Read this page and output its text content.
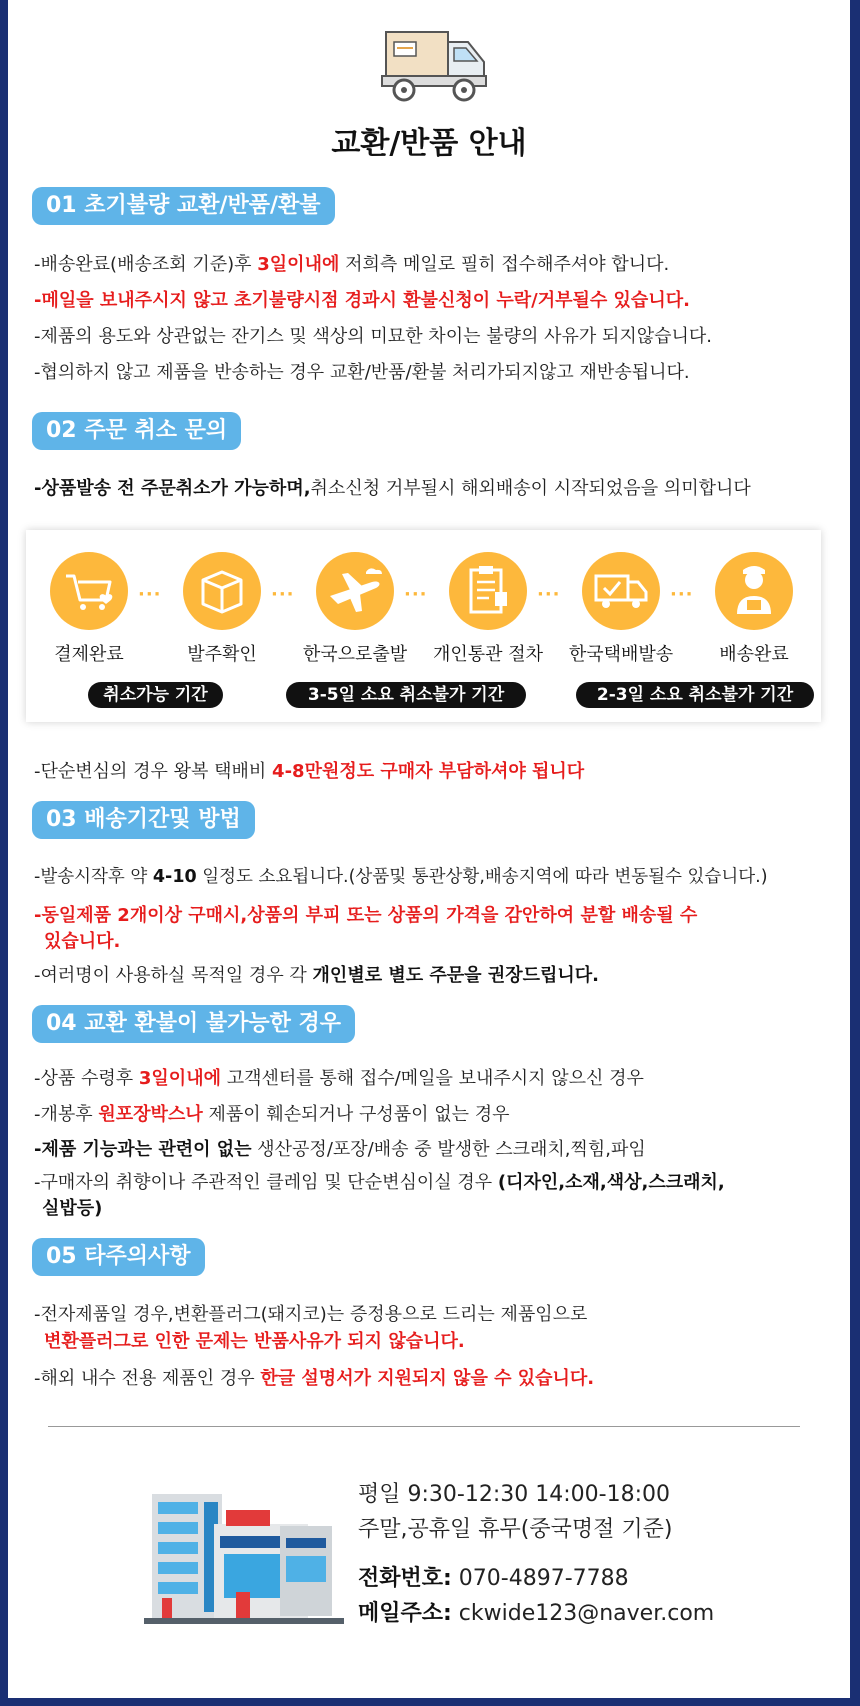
교환/반품 안내
01 초기불량 교환/반품/환불
-배송완료(배송조회 기준)후 3일이내에 저희측 메일로 필히 접수해주셔야 합니다.
-메일을 보내주시지 않고 초기불량시점 경과시 환불신청이 누락/거부될수 있습니다.
-제품의 용도와 상관없는 잔기스 및 색상의 미묘한 차이는 불량의 사유가 되지않습니다.
-협의하지 않고 제품을 반송하는 경우 교환/반품/환불 처리가되지않고 재반송됩니다.
02 주문 취소 문의
-상품발송 전 주문취소가 가능하며,취소신청 거부될시 해외배송이 시작되었음을 의미합니다
···	···	···	···	···
결제완료	발주확인	한국으로출발	개인통관 절차	한국택배발송	배송완료
취소가능 기간	3-5일 소요 취소불가 기간	2-3일 소요 취소불가 기간
-단순변심의 경우 왕복 택배비 4-8만원정도 구매자 부담하셔야 됩니다
03 배송기간및 방법
-발송시작후 약 4-10 일정도 소요됩니다.(상품및 통관상황,배송지역에 따라 변동될수 있습니다.)
-동일제품 2개이상 구매시,상품의 부피 또는 상품의 가격을 감안하여 분할 배송될 수
있습니다.
-여러명이 사용하실 목적일 경우 각 개인별로 별도 주문을 권장드립니다.
04 교환 환불이 불가능한 경우
-상품 수령후 3일이내에 고객센터를 통해 접수/메일을 보내주시지 않으신 경우
-개봉후 원포장박스나 제품이 훼손되거나 구성품이 없는 경우
-제품 기능과는 관련이 없는 생산공정/포장/배송 중 발생한 스크래치,찍힘,파임
-구매자의 취향이나 주관적인 클레임 및 단순변심이실 경우 (디자인,소재,색상,스크래치,
실밥등)
05 타주의사항
-전자제품일 경우,변환플러그(돼지코)는 증정용으로 드리는 제품임으로
변환플러그로 인한 문제는 반품사유가 되지 않습니다.
-해외 내수 전용 제품인 경우 한글 설명서가 지원되지 않을 수 있습니다.
평일 9:30-12:30 14:00-18:00
주말,공휴일 휴무(중국명절 기준)
전화번호: 070-4897-7788
메일주소: ckwide123@naver.com
